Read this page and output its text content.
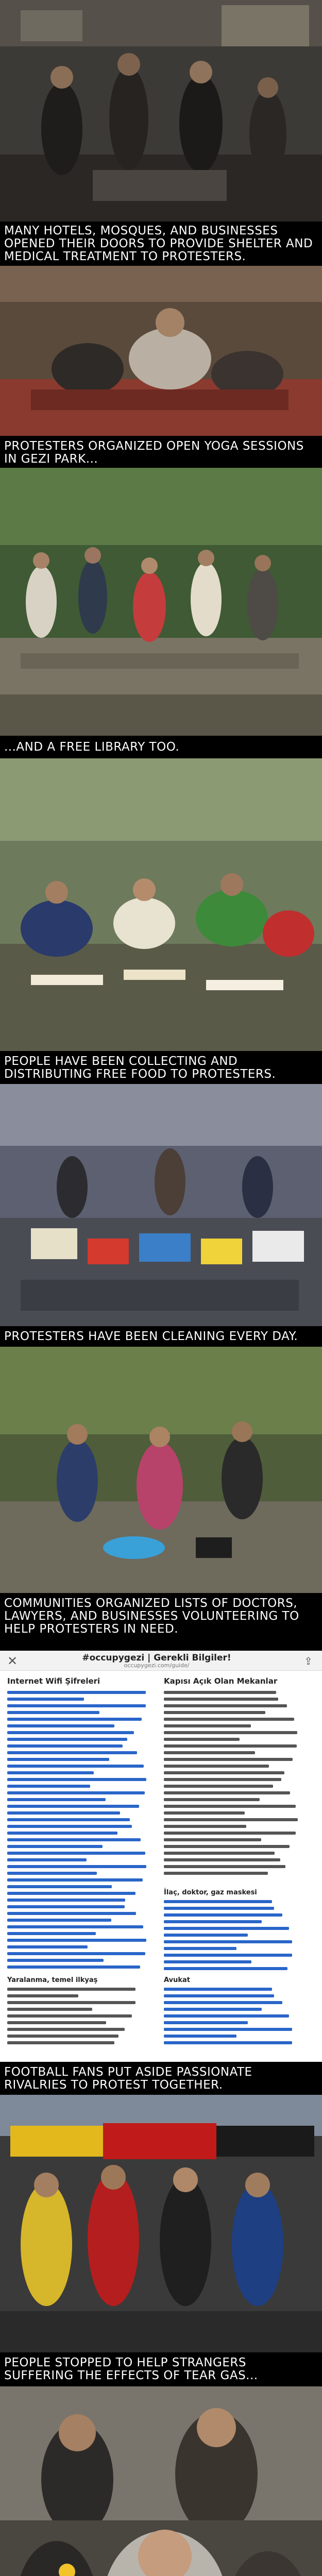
MANY HOTELS, MOSQUES, AND BUSINESSES OPENED THEIR DOORS TO PROVIDE SHELTER AND MEDICAL TREATMENT TO PROTESTERS.
PROTESTERS ORGANIZED OPEN YOGA SESSIONS IN GEZI PARK...
...AND A FREE LIBRARY TOO.
PEOPLE HAVE BEEN COLLECTING AND DISTRIBUTING FREE FOOD TO PROTESTERS.
PROTESTERS HAVE BEEN CLEANING EVERY DAY.
COMMUNITIES ORGANIZED LISTS OF DOCTORS, LAWYERS, AND BUSINESSES VOLUNTEERING TO HELP PROTESTERS IN NEED.
✕	#occupygezi | Gerekli Bilgiler!
occupygezi.com/guide/	⇪
Internet Wifi Şifreleri	Kapısı Açık Olan Mekanlar
Yaralanma, temel ilkyaş
İlaç, doktor, gaz maskesi
Avukat
FOOTBALL FANS PUT ASIDE PASSIONATE RIVALRIES TO PROTEST TOGETHER.
PEOPLE STOPPED TO HELP STRANGERS SUFFERING THE EFFECTS OF TEAR GAS...
